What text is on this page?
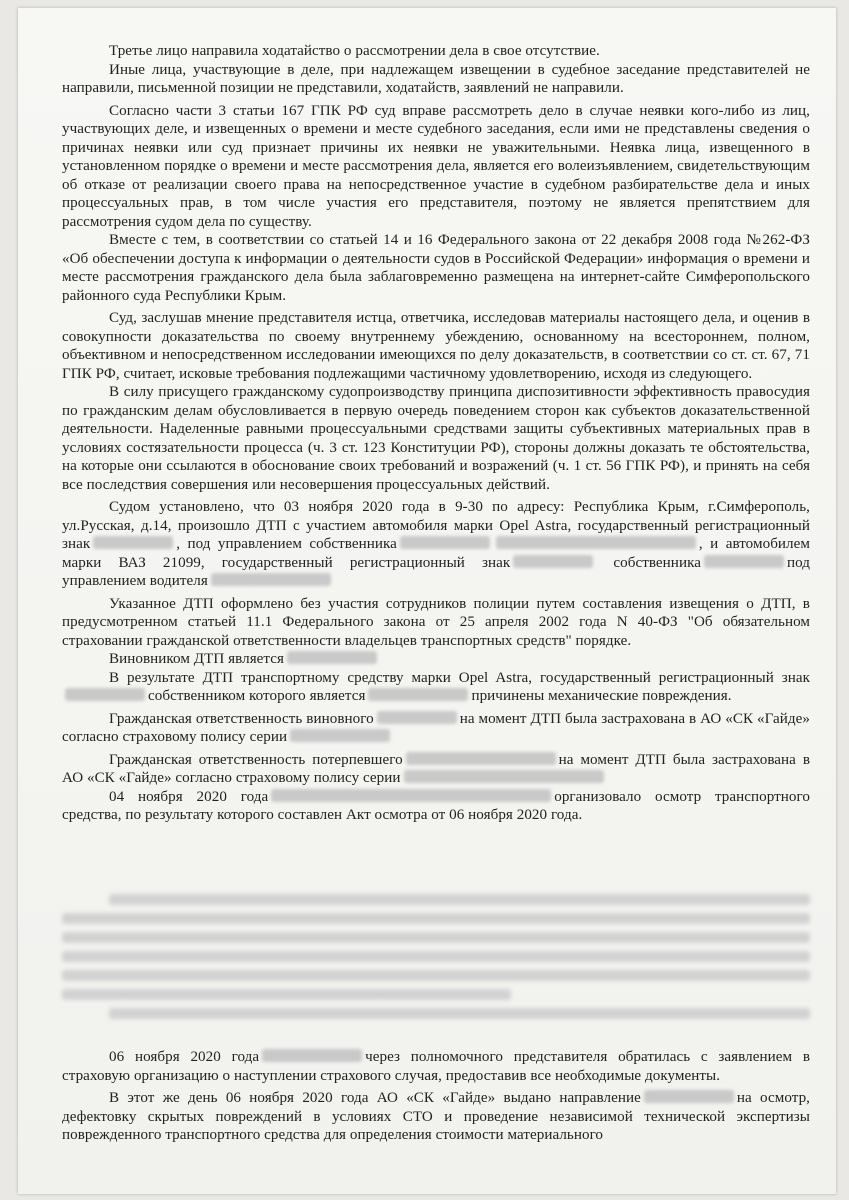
Третье лицо направила ходатайство о рассмотрении дела в свое отсутствие.

Иные лица, участвующие в деле, при надлежащем извещении в судебное заседание представителей не направили, письменной позиции не представили, ходатайств, заявлений не направили.

Согласно части 3 статьи 167 ГПК РФ суд вправе рассмотреть дело в случае неявки кого-либо из лиц, участвующих деле, и извещенных о времени и месте судебного заседания, если ими не представлены сведения о причинах неявки или суд признает причины их неявки не уважительными. Неявка лица, извещенного в установленном порядке о времени и месте рассмотрения дела, является его волеизъявлением, свидетельствующим об отказе от реализации своего права на непосредственное участие в судебном разбирательстве дела и иных процессуальных прав, в том числе участия его представителя, поэтому не является препятствием для рассмотрения судом дела по существу.

Вместе с тем, в соответствии со статьей 14 и 16 Федерального закона от 22 декабря 2008 года №262-ФЗ «Об обеспечении доступа к информации о деятельности судов в Российской Федерации» информация о времени и месте рассмотрения гражданского дела была заблаговременно размещена на интернет-сайте Симферопольского районного суда Республики Крым.

Суд, заслушав мнение представителя истца, ответчика, исследовав материалы настоящего дела, и оценив в совокупности доказательства по своему внутреннему убеждению, основанному на всестороннем, полном, объективном и непосредственном исследовании имеющихся по делу доказательств, в соответствии со ст. ст. 67, 71 ГПК РФ, считает, исковые требования подлежащими частичному удовлетворению, исходя из следующего.

В силу присущего гражданскому судопроизводству принципа диспозитивности эффективность правосудия по гражданским делам обусловливается в первую очередь поведением сторон как субъектов доказательственной деятельности. Наделенные равными процессуальными средствами защиты субъективных материальных прав в условиях состязательности процесса (ч. 3 ст. 123 Конституции РФ), стороны должны доказать те обстоятельства, на которые они ссылаются в обоснование своих требований и возражений (ч. 1 ст. 56 ГПК РФ), и принять на себя все последствия совершения или несовершения процессуальных действий.

Судом установлено, что 03 ноября 2020 года в 9-30 по адресу: Республика Крым, г.Симферополь, ул.Русская, д.14, произошло ДТП с участием автомобиля марки Opel Astra, государственный регистрационный знак	, под управлением собственника	, и автомобилем марки ВАЗ 21099, государственный регистрационный знак	собственника	под управлением водителя

Указанное ДТП оформлено без участия сотрудников полиции путем составления извещения о ДТП, в предусмотренном статьей 11.1 Федерального закона от 25 апреля 2002 года N 40-ФЗ "Об обязательном страховании гражданской ответственности владельцев транспортных средств" порядке.

Виновником ДТП является

В результате ДТП транспортному средству марки Opel Astra, государственный регистрационный знаксобственником которого является	причинены механические повреждения.

Гражданская ответственность виновного	на момент ДТП была застрахована в АО «СК «Гайде» согласно страховому полису серии

Гражданская ответственность потерпевшего	на момент ДТП была застрахована в АО «СК «Гайде» согласно страховому полису серии

04 ноября 2020 года	организовало осмотр транспортного средства, по результату которого составлен Акт осмотра от 06 ноября 2020 года.

06 ноября 2020 года	через полномочного представителя обратилась с заявлением в страховую организацию о наступлении страхового случая, предоставив все необходимые документы.

В этот же день 06 ноября 2020 года АО «СК «Гайде» выдано направление	на осмотр, дефектовку скрытых повреждений в условиях СТО и проведение независимой технической экспертизы поврежденного транспортного средства для определения стоимости материального
